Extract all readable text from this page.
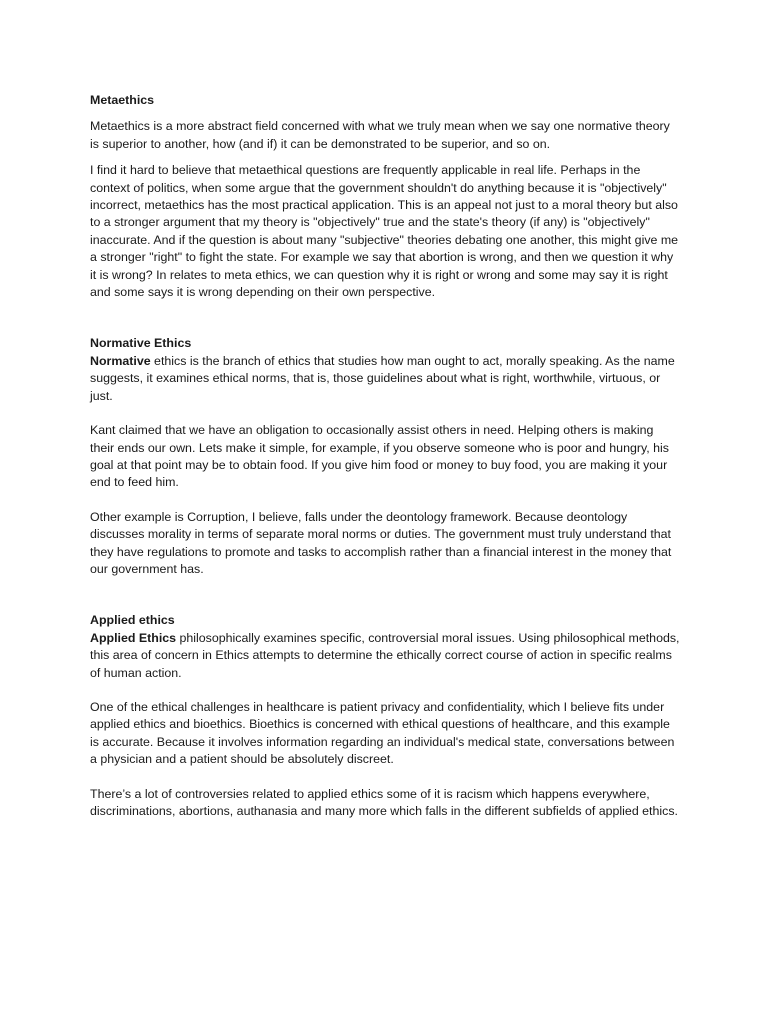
Metaethics

Metaethics is a more abstract field concerned with what we truly mean when we say one normative theory is superior to another, how (and if) it can be demonstrated to be superior, and so on.

I find it hard to believe that metaethical questions are frequently applicable in real life. Perhaps in the context of politics, when some argue that the government shouldn't do anything because it is "objectively" incorrect, metaethics has the most practical application. This is an appeal not just to a moral theory but also to a stronger argument that my theory is "objectively" true and the state's theory (if any) is "objectively" inaccurate. And if the question is about many "subjective" theories debating one another, this might give me a stronger "right" to fight the state. For example we say that abortion is wrong, and then we question it why it is wrong? In relates to meta ethics, we can question why it is right or wrong and some may say it is right and some says it is wrong depending on their own perspective.

Normative Ethics

Normative ethics is the branch of ethics that studies how man ought to act, morally speaking. As the name suggests, it examines ethical norms, that is, those guidelines about what is right, worthwhile, virtuous, or just.

Kant claimed that we have an obligation to occasionally assist others in need. Helping others is making their ends our own. Lets make it simple, for example, if you observe someone who is poor and hungry, his goal at that point may be to obtain food. If you give him food or money to buy food, you are making it your end to feed him.

Other example is Corruption, I believe, falls under the deontology framework. Because deontology discusses morality in terms of separate moral norms or duties. The government must truly understand that they have regulations to promote and tasks to accomplish rather than a financial interest in the money that our government has.

Applied ethics

Applied Ethics philosophically examines specific, controversial moral issues. Using philosophical methods, this area of concern in Ethics attempts to determine the ethically correct course of action in specific realms of human action.

One of the ethical challenges in healthcare is patient privacy and confidentiality, which I believe fits under applied ethics and bioethics. Bioethics is concerned with ethical questions of healthcare, and this example is accurate. Because it involves information regarding an individual's medical state, conversations between a physician and a patient should be absolutely discreet.

There’s a lot of controversies related to applied ethics some of it is racism which happens everywhere, discriminations, abortions, authanasia and many more which falls in the different subfields of applied ethics.
